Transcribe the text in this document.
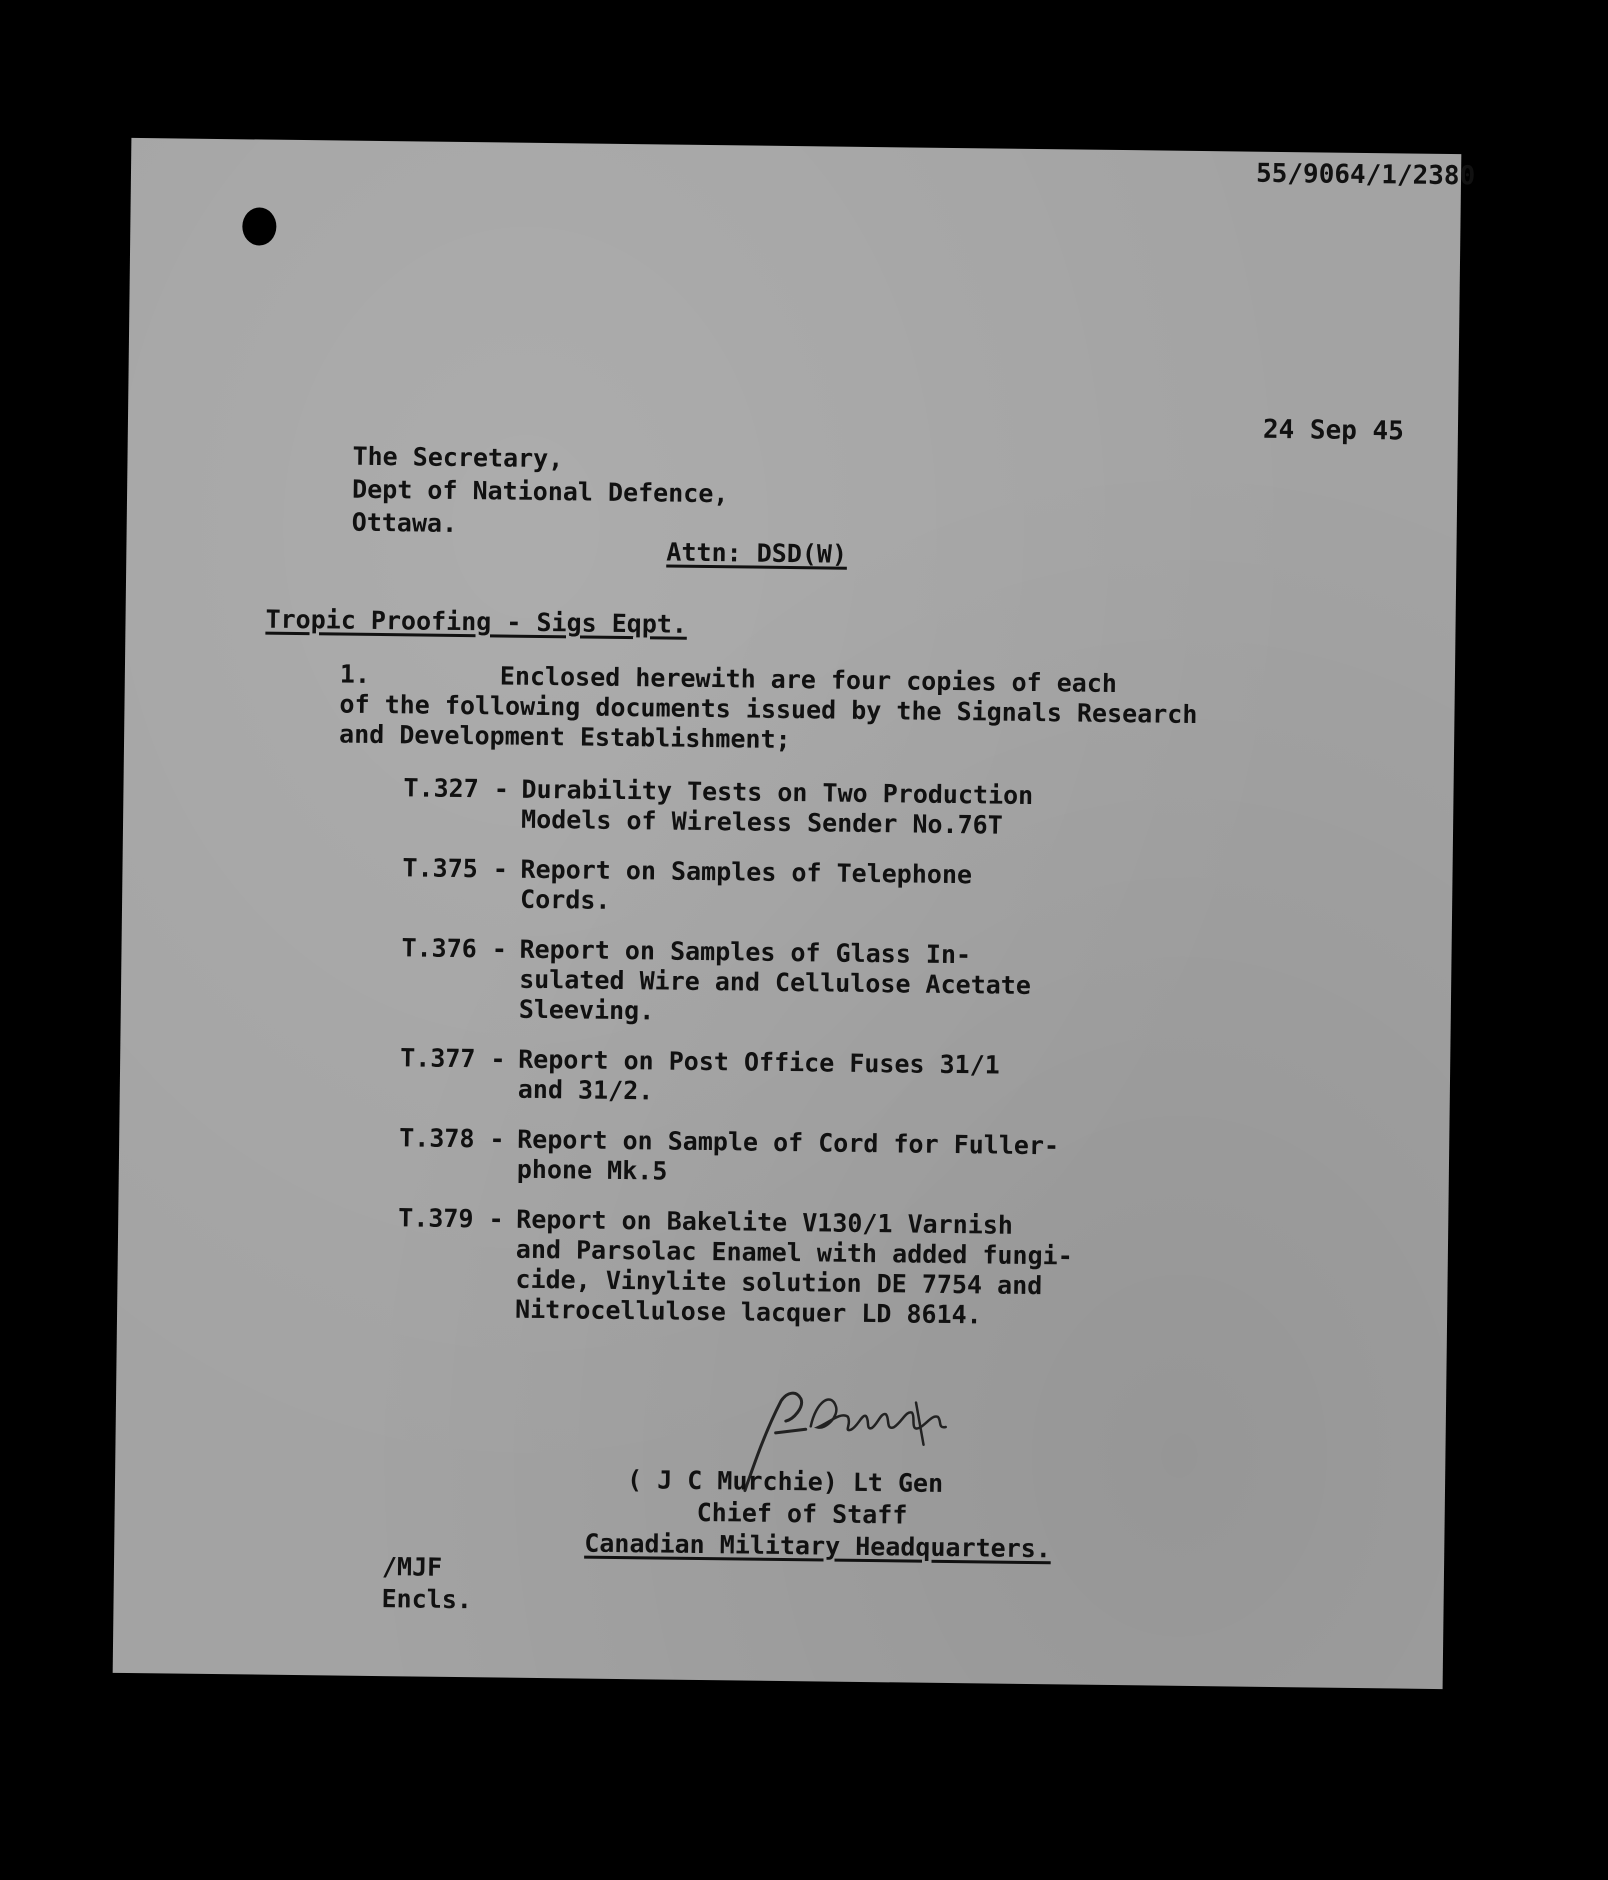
55/9064/1/2380
24 Sep 45
The Secretary,
Dept of National Defence,
Ottawa.
Attn: DSD(W)
Tropic Proofing - Sigs Eqpt.
1.	Enclosed herewith are four copies of each
of the following documents issued by the Signals Research
and Development Establishment;
T.327 - Durability Tests on Two Production
Models of Wireless Sender No.76T
T.375 - Report on Samples of Telephone
Cords.
T.376 - Report on Samples of Glass In-
sulated Wire and Cellulose Acetate
Sleeving.
T.377 - Report on Post Office Fuses 31/1
and 31/2.
T.378 - Report on Sample of Cord for Fuller-
phone Mk.5
T.379 - Report on Bakelite V130/1 Varnish
and Parsolac Enamel with added fungi-
cide, Vinylite solution DE 7754 and
Nitrocellulose lacquer LD 8614.
( J C Murchie) Lt Gen
Chief of Staff
Canadian Military Headquarters.
/MJF
Encls.
